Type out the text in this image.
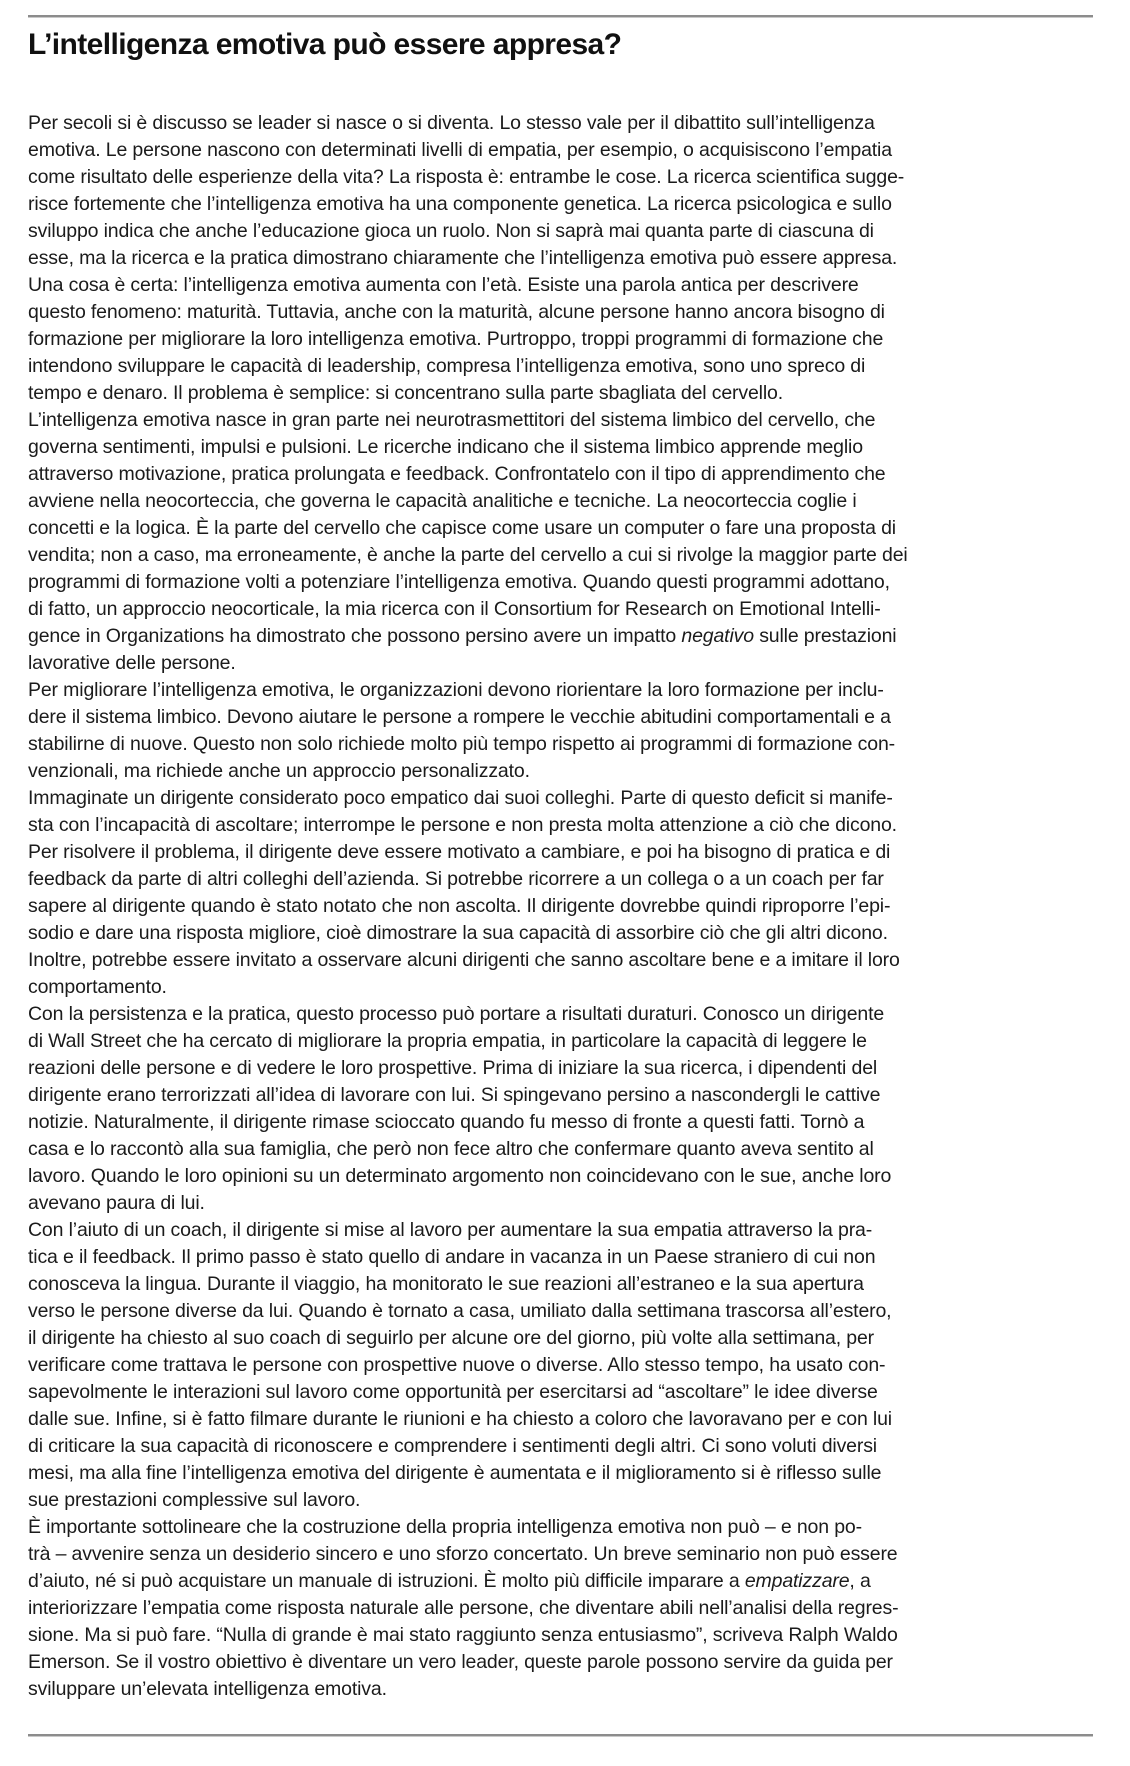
L’intelligenza emotiva può essere appresa?
Per secoli si è discusso se leader si nasce o si diventa. Lo stesso vale per il dibattito sull’intelligenza
emotiva. Le persone nascono con determinati livelli di empatia, per esempio, o acquisiscono l’empatia
come risultato delle esperienze della vita? La risposta è: entrambe le cose. La ricerca scientifica sugge-
risce fortemente che l’intelligenza emotiva ha una componente genetica. La ricerca psicologica e sullo
sviluppo indica che anche l’educazione gioca un ruolo. Non si saprà mai quanta parte di ciascuna di
esse, ma la ricerca e la pratica dimostrano chiaramente che l’intelligenza emotiva può essere appresa.
Una cosa è certa: l’intelligenza emotiva aumenta con l’età. Esiste una parola antica per descrivere
questo fenomeno: maturità. Tuttavia, anche con la maturità, alcune persone hanno ancora bisogno di
formazione per migliorare la loro intelligenza emotiva. Purtroppo, troppi programmi di formazione che
intendono sviluppare le capacità di leadership, compresa l’intelligenza emotiva, sono uno spreco di
tempo e denaro. Il problema è semplice: si concentrano sulla parte sbagliata del cervello.
L’intelligenza emotiva nasce in gran parte nei neurotrasmettitori del sistema limbico del cervello, che
governa sentimenti, impulsi e pulsioni. Le ricerche indicano che il sistema limbico apprende meglio
attraverso motivazione, pratica prolungata e feedback. Confrontatelo con il tipo di apprendimento che
avviene nella neocorteccia, che governa le capacità analitiche e tecniche. La neocorteccia coglie i
concetti e la logica. È la parte del cervello che capisce come usare un computer o fare una proposta di
vendita; non a caso, ma erroneamente, è anche la parte del cervello a cui si rivolge la maggior parte dei
programmi di formazione volti a potenziare l’intelligenza emotiva. Quando questi programmi adottano,
di fatto, un approccio neocorticale, la mia ricerca con il Consortium for Research on Emotional Intelli-
gence in Organizations ha dimostrato che possono persino avere un impatto negativo sulle prestazioni
lavorative delle persone.
Per migliorare l’intelligenza emotiva, le organizzazioni devono riorientare la loro formazione per inclu-
dere il sistema limbico. Devono aiutare le persone a rompere le vecchie abitudini comportamentali e a
stabilirne di nuove. Questo non solo richiede molto più tempo rispetto ai programmi di formazione con-
venzionali, ma richiede anche un approccio personalizzato.
Immaginate un dirigente considerato poco empatico dai suoi colleghi. Parte di questo deficit si manife-
sta con l’incapacità di ascoltare; interrompe le persone e non presta molta attenzione a ciò che dicono.
Per risolvere il problema, il dirigente deve essere motivato a cambiare, e poi ha bisogno di pratica e di
feedback da parte di altri colleghi dell’azienda. Si potrebbe ricorrere a un collega o a un coach per far
sapere al dirigente quando è stato notato che non ascolta. Il dirigente dovrebbe quindi riproporre l’epi-
sodio e dare una risposta migliore, cioè dimostrare la sua capacità di assorbire ciò che gli altri dicono.
Inoltre, potrebbe essere invitato a osservare alcuni dirigenti che sanno ascoltare bene e a imitare il loro
comportamento.
Con la persistenza e la pratica, questo processo può portare a risultati duraturi. Conosco un dirigente
di Wall Street che ha cercato di migliorare la propria empatia, in particolare la capacità di leggere le
reazioni delle persone e di vedere le loro prospettive. Prima di iniziare la sua ricerca, i dipendenti del
dirigente erano terrorizzati all’idea di lavorare con lui. Si spingevano persino a nascondergli le cattive
notizie. Naturalmente, il dirigente rimase scioccato quando fu messo di fronte a questi fatti. Tornò a
casa e lo raccontò alla sua famiglia, che però non fece altro che confermare quanto aveva sentito al
lavoro. Quando le loro opinioni su un determinato argomento non coincidevano con le sue, anche loro
avevano paura di lui.
Con l’aiuto di un coach, il dirigente si mise al lavoro per aumentare la sua empatia attraverso la pra-
tica e il feedback. Il primo passo è stato quello di andare in vacanza in un Paese straniero di cui non
conosceva la lingua. Durante il viaggio, ha monitorato le sue reazioni all’estraneo e la sua apertura
verso le persone diverse da lui. Quando è tornato a casa, umiliato dalla settimana trascorsa all’estero,
il dirigente ha chiesto al suo coach di seguirlo per alcune ore del giorno, più volte alla settimana, per
verificare come trattava le persone con prospettive nuove o diverse. Allo stesso tempo, ha usato con-
sapevolmente le interazioni sul lavoro come opportunità per esercitarsi ad “ascoltare” le idee diverse
dalle sue. Infine, si è fatto filmare durante le riunioni e ha chiesto a coloro che lavoravano per e con lui
di criticare la sua capacità di riconoscere e comprendere i sentimenti degli altri. Ci sono voluti diversi
mesi, ma alla fine l’intelligenza emotiva del dirigente è aumentata e il miglioramento si è riflesso sulle
sue prestazioni complessive sul lavoro.
È importante sottolineare che la costruzione della propria intelligenza emotiva non può – e non po-
trà – avvenire senza un desiderio sincero e uno sforzo concertato. Un breve seminario non può essere
d’aiuto, né si può acquistare un manuale di istruzioni. È molto più difficile imparare a empatizzare, a
interiorizzare l’empatia come risposta naturale alle persone, che diventare abili nell’analisi della regres-
sione. Ma si può fare. “Nulla di grande è mai stato raggiunto senza entusiasmo”, scriveva Ralph Waldo
Emerson. Se il vostro obiettivo è diventare un vero leader, queste parole possono servire da guida per
sviluppare un’elevata intelligenza emotiva.
